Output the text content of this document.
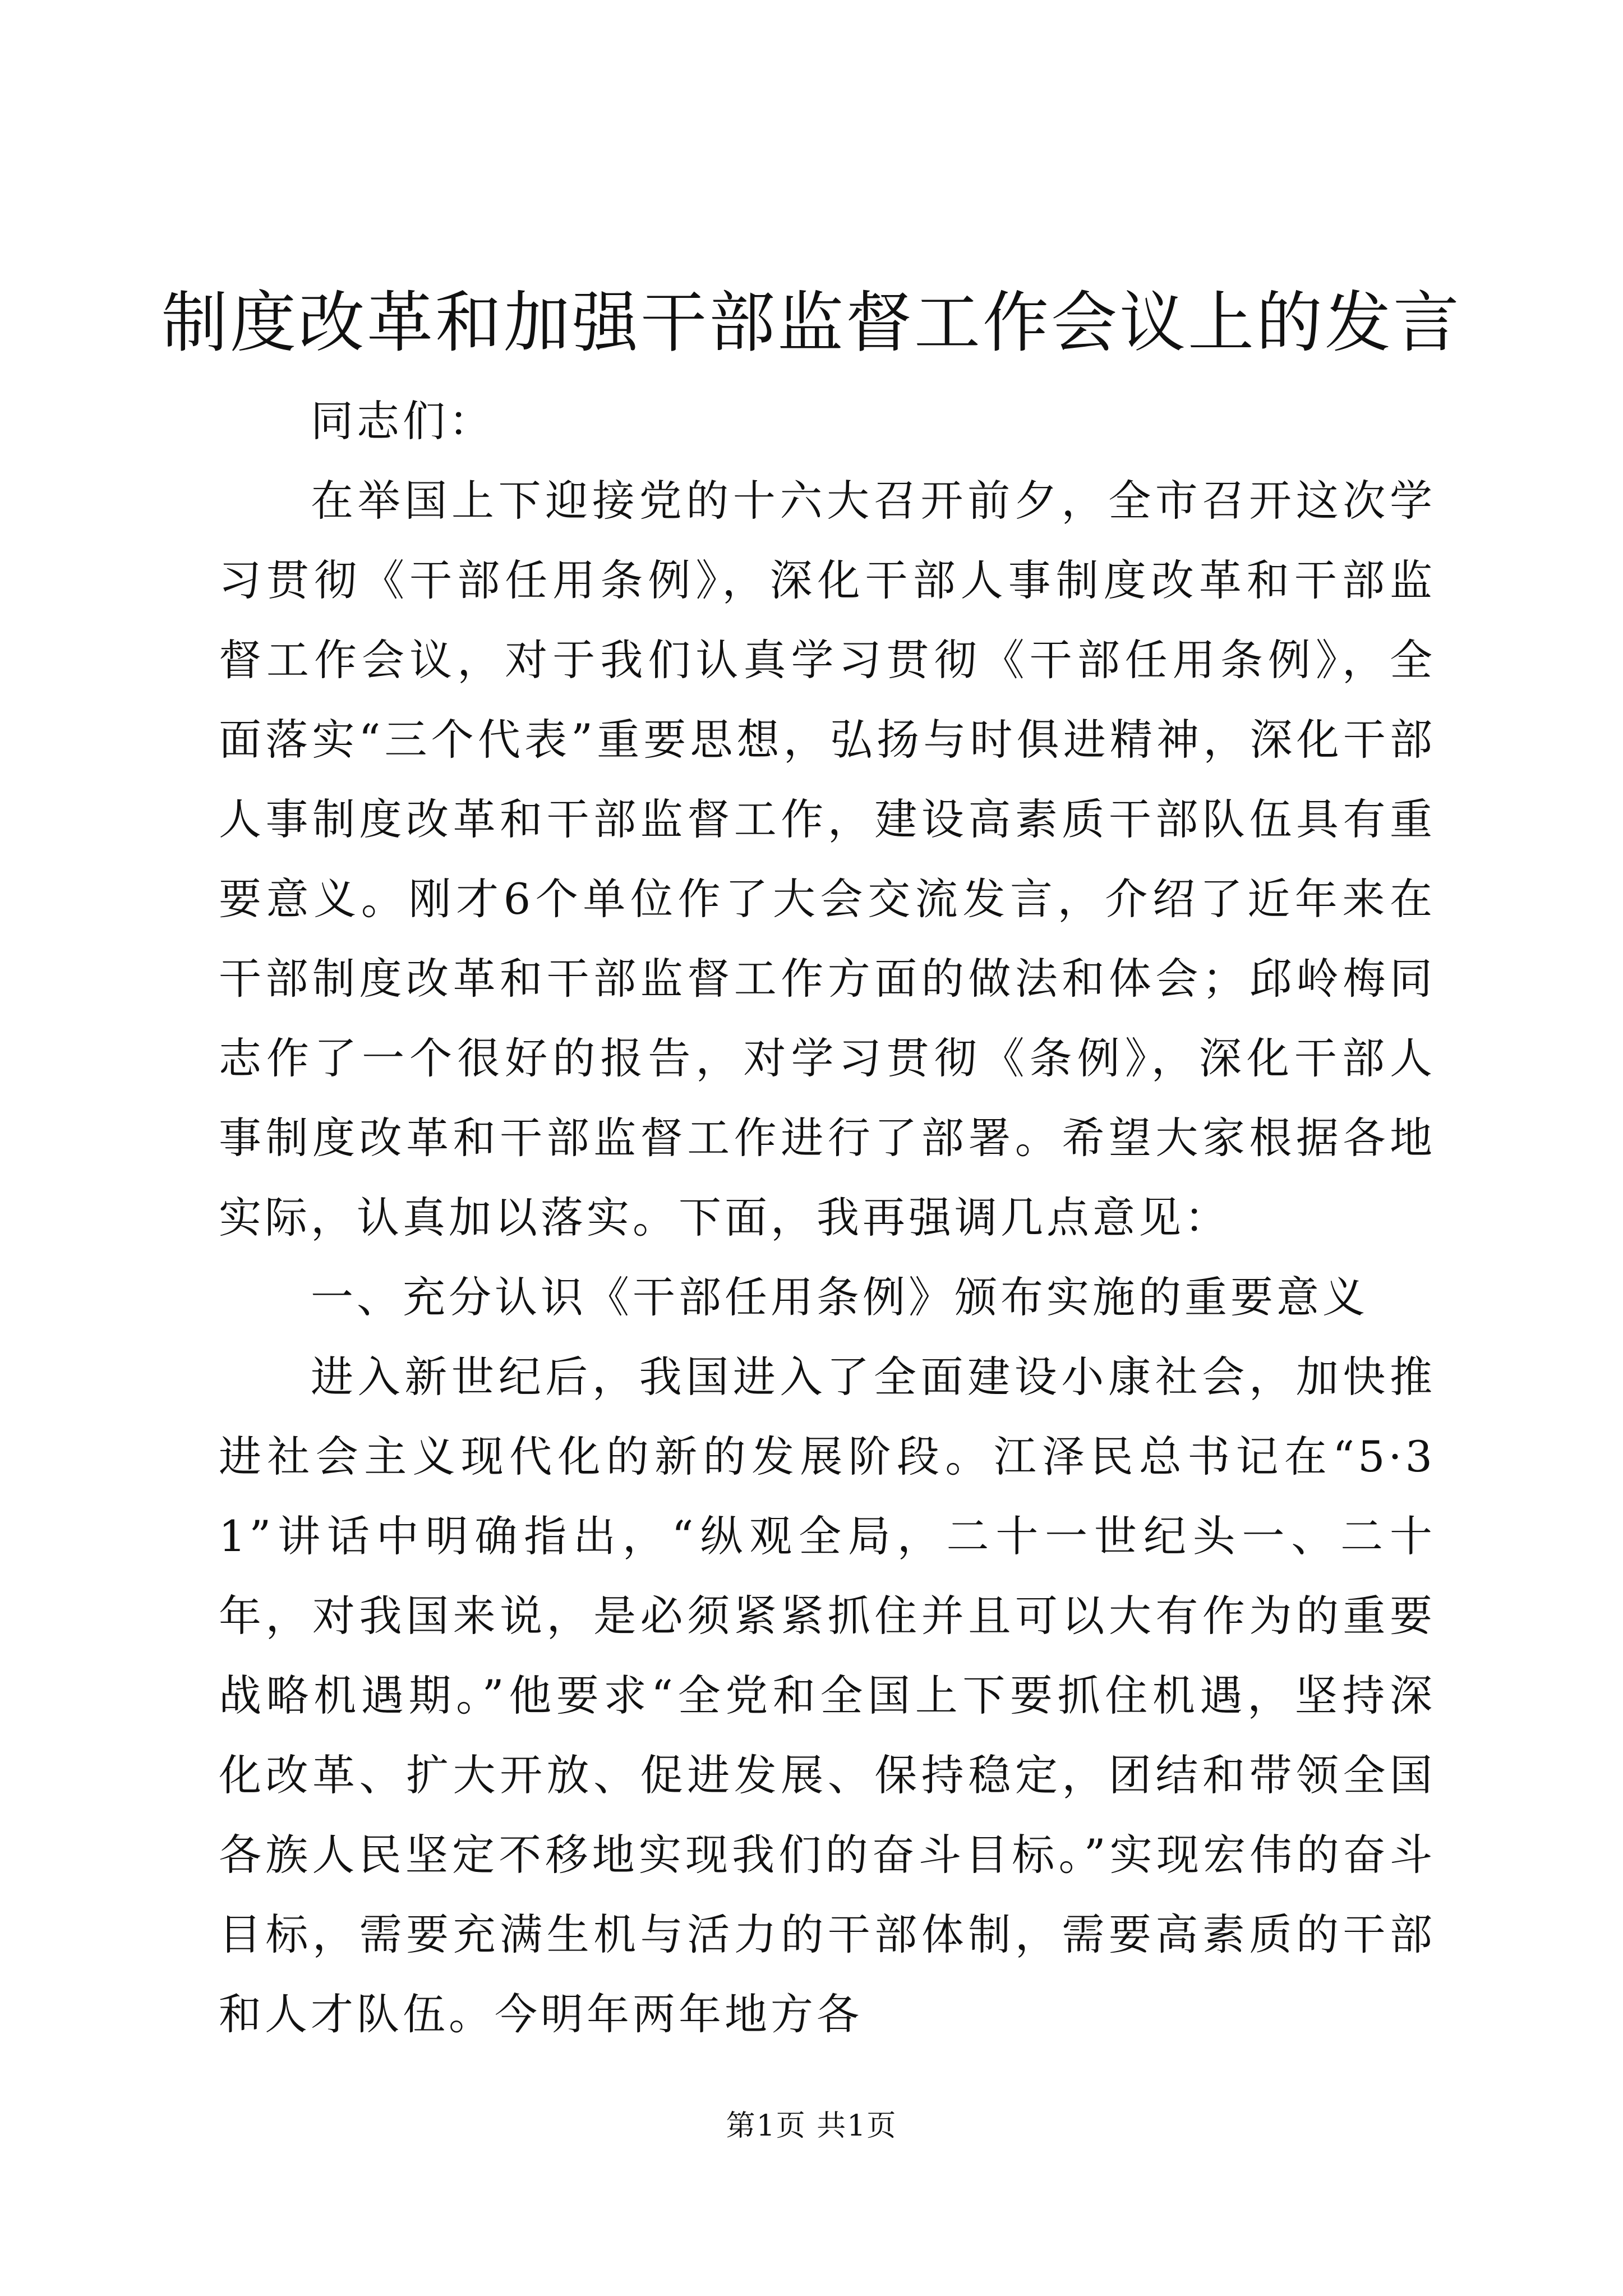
制度改革和加强干部监督工作会议上的发言

同志们：

在举国上下迎接党的十六大召开前夕，全市召开这次学习贯彻《干部任用条例》，深化干部人事制度改革和干部监督工作会议，对于我们认真学习贯彻《干部任用条例》，全面落实“三个代表”重要思想，弘扬与时俱进精神，深化干部人事制度改革和干部监督工作，建设高素质干部队伍具有重要意义。刚才6个单位作了大会交流发言，介绍了近年来在干部制度改革和干部监督工作方面的做法和体会；邱岭梅同志作了一个很好的报告，对学习贯彻《条例》，深化干部人事制度改革和干部监督工作进行了部署。希望大家根据各地实际，认真加以落实。下面，我再强调几点意见：

一、充分认识《干部任用条例》颁布实施的重要意义

进入新世纪后，我国进入了全面建设小康社会，加快推进社会主义现代化的新的发展阶段。江泽民总书记在“5·31”讲话中明确指出，“纵观全局，二十一世纪头一、二十年，对我国来说，是必须紧紧抓住并且可以大有作为的重要战略机遇期。”他要求“全党和全国上下要抓住机遇，坚持深化改革、扩大开放、促进发展、保持稳定，团结和带领全国各族人民坚定不移地实现我们的奋斗目标。”实现宏伟的奋斗目标，需要充满生机与活力的干部体制，需要高素质的干部和人才队伍。今明年两年地方各

第1页 共1页
